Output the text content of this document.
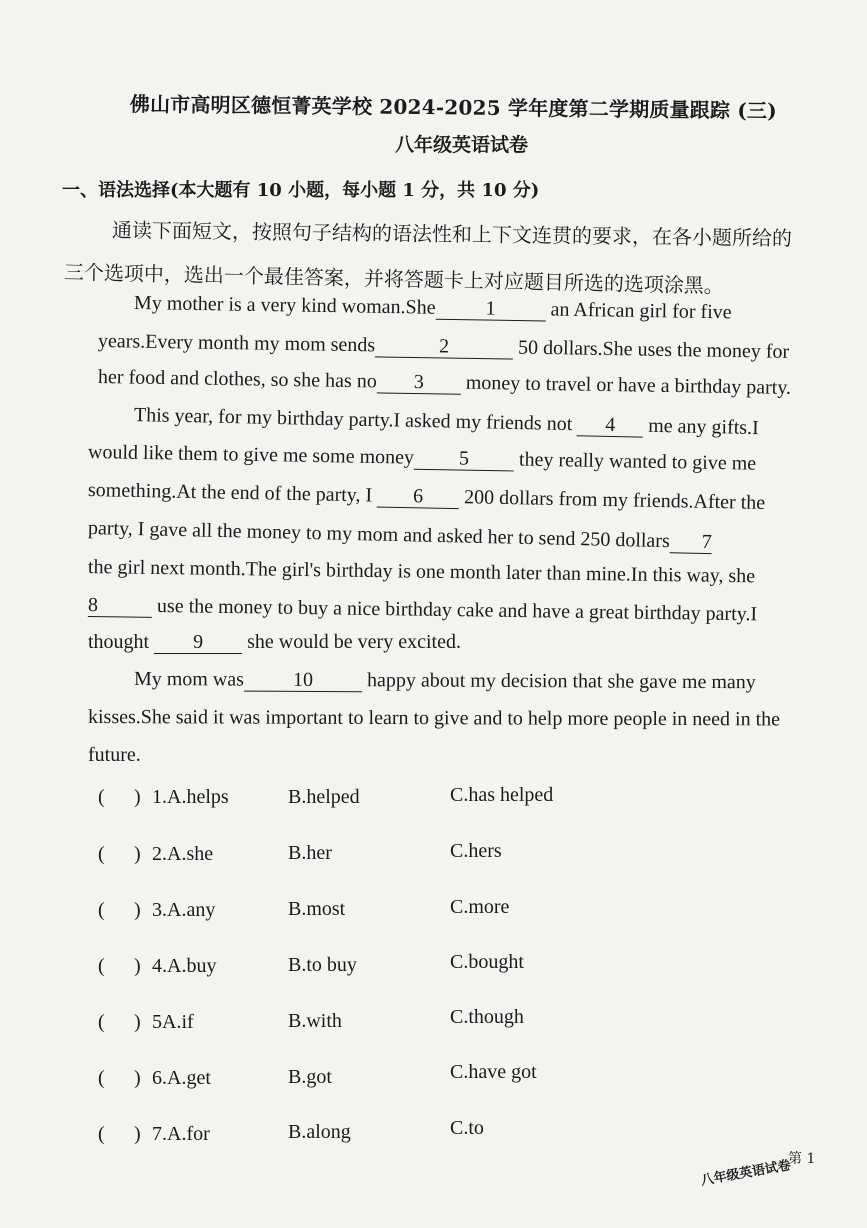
佛山市高明区德恒菁英学校 2024-2025 学年度第二学期质量跟踪 (三)
八年级英语试卷
一、语法选择(本大题有 10 小题，每小题 1 分，共 10 分)
通读下面短文，按照句子结构的语法性和上下文连贯的要求，在各小题所给的
三个选项中，选出一个最佳答案，并将答题卡上对应题目所选的选项涂黑。
My mother is a very kind woman.She 1	an African girl for five
years.Every month my mom sends	2	50 dollars.She uses the money for
her food and clothes, so she has no 3 money to travel or have a birthday party.
This year, for my birthday party.I asked my friends not 4 me any gifts.I
would like them to give me some money 5 they really wanted to give me
something.At the end of the party, I 6 200 dollars from my friends.After the
party, I gave all the money to my mom and asked her to send 250 dollars 7
the girl next month.The girl's birthday is one month later than mine.In this way, she
8	use the money to buy a nice birthday cake and have a great birthday party.I
thought 9 she would be very excited.
My mom was 10	happy about my decision that she gave me many
kisses.She said it was important to learn to give and to help more people in need in the
future.
( ) 1.A.helps	B.helped	C.has helped
( ) 2.A.she	B.her	C.hers
( ) 3.A.any	B.most	C.more
( ) 4.A.buy	B.to buy	C.bought
( ) 5A.if	B.with	C.though
( ) 6.A.get	B.got	C.have got
( ) 7.A.for	B.along	C.to
八年级英语试卷
第 1
